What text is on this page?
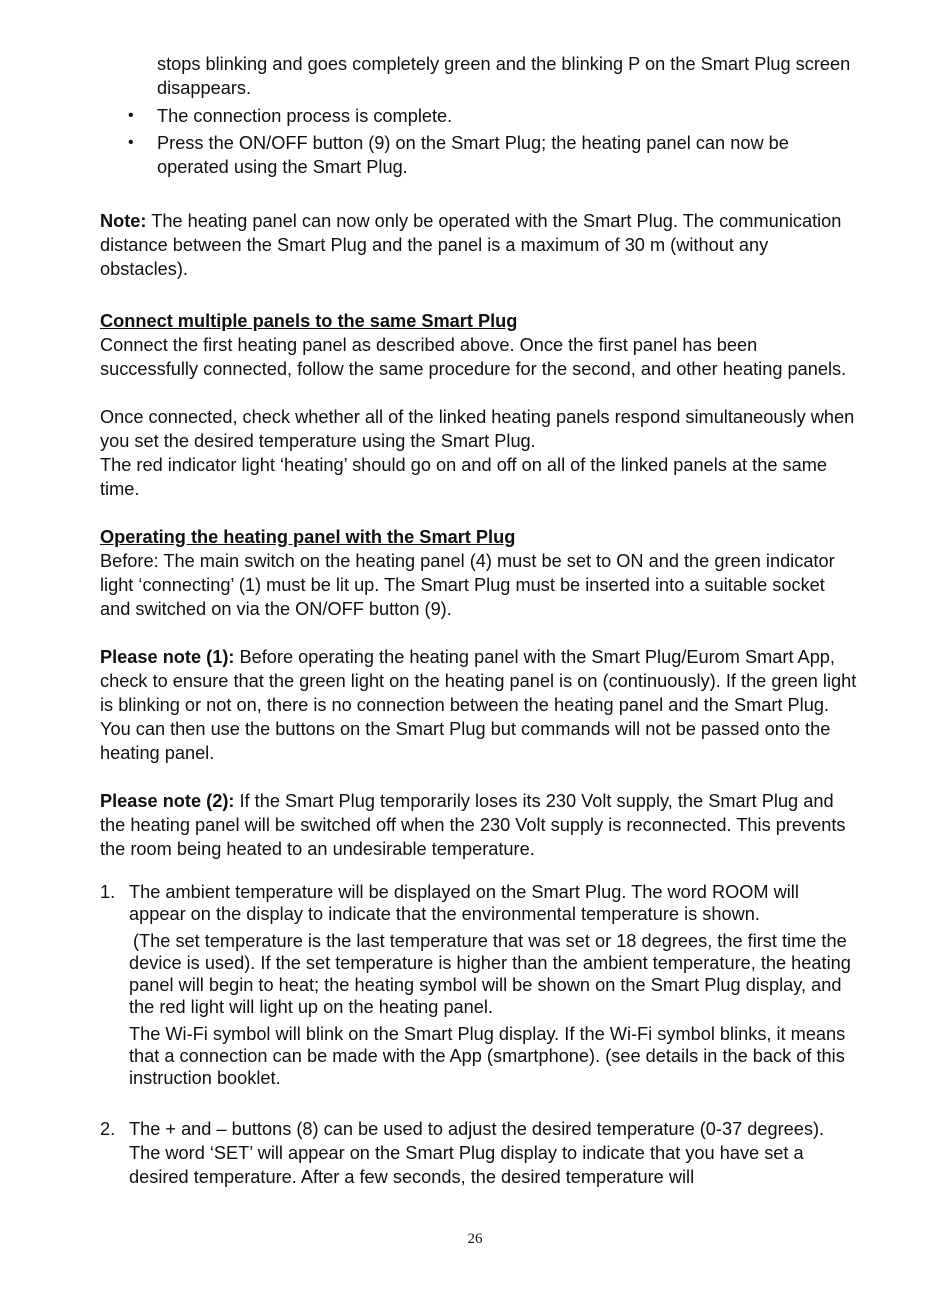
stops blinking and goes completely green and the blinking P on the Smart Plug screen disappears.

• The connection process is complete.

• Press the ON/OFF button (9) on the Smart Plug; the heating panel can now be operated using the Smart Plug.

Note: The heating panel can now only be operated with the Smart Plug. The communication distance between the Smart Plug and the panel is a maximum of 30 m (without any obstacles).

Connect multiple panels to the same Smart Plug

Connect the first heating panel as described above. Once the first panel has been successfully connected, follow the same procedure for the second, and other heating panels.

Once connected, check whether all of the linked heating panels respond simultaneously when you set the desired temperature using the Smart Plug.

The red indicator light ‘heating’ should go on and off on all of the linked panels at the same time.

Operating the heating panel with the Smart Plug

Before: The main switch on the heating panel (4) must be set to ON and the green indicator light ‘connecting’ (1) must be lit up. The Smart Plug must be inserted into a suitable socket and switched on via the ON/OFF button (9).

Please note (1): Before operating the heating panel with the Smart Plug/Eurom Smart App, check to ensure that the green light on the heating panel is on (continuously). If the green light is blinking or not on, there is no connection between the heating panel and the Smart Plug. You can then use the buttons on the Smart Plug but commands will not be passed onto the heating panel.

Please note (2): If the Smart Plug temporarily loses its 230 Volt supply, the Smart Plug and the heating panel will be switched off when the 230 Volt supply is reconnected. This prevents the room being heated to an undesirable temperature.

1. The ambient temperature will be displayed on the Smart Plug. The word ROOM will appear on the display to indicate that the environmental temperature is shown.

(The set temperature is the last temperature that was set or 18 degrees, the first time the device is used). If the set temperature is higher than the ambient temperature, the heating panel will begin to heat; the heating symbol will be shown on the Smart Plug display, and the red light will light up on the heating panel.

The Wi-Fi symbol will blink on the Smart Plug display. If the Wi-Fi symbol blinks, it means that a connection can be made with the App (smartphone). (see details in the back of this instruction booklet.

2. The + and – buttons (8) can be used to adjust the desired temperature (0-37 degrees). The word ‘SET’ will appear on the Smart Plug display to indicate that you have set a desired temperature. After a few seconds, the desired temperature will

26
